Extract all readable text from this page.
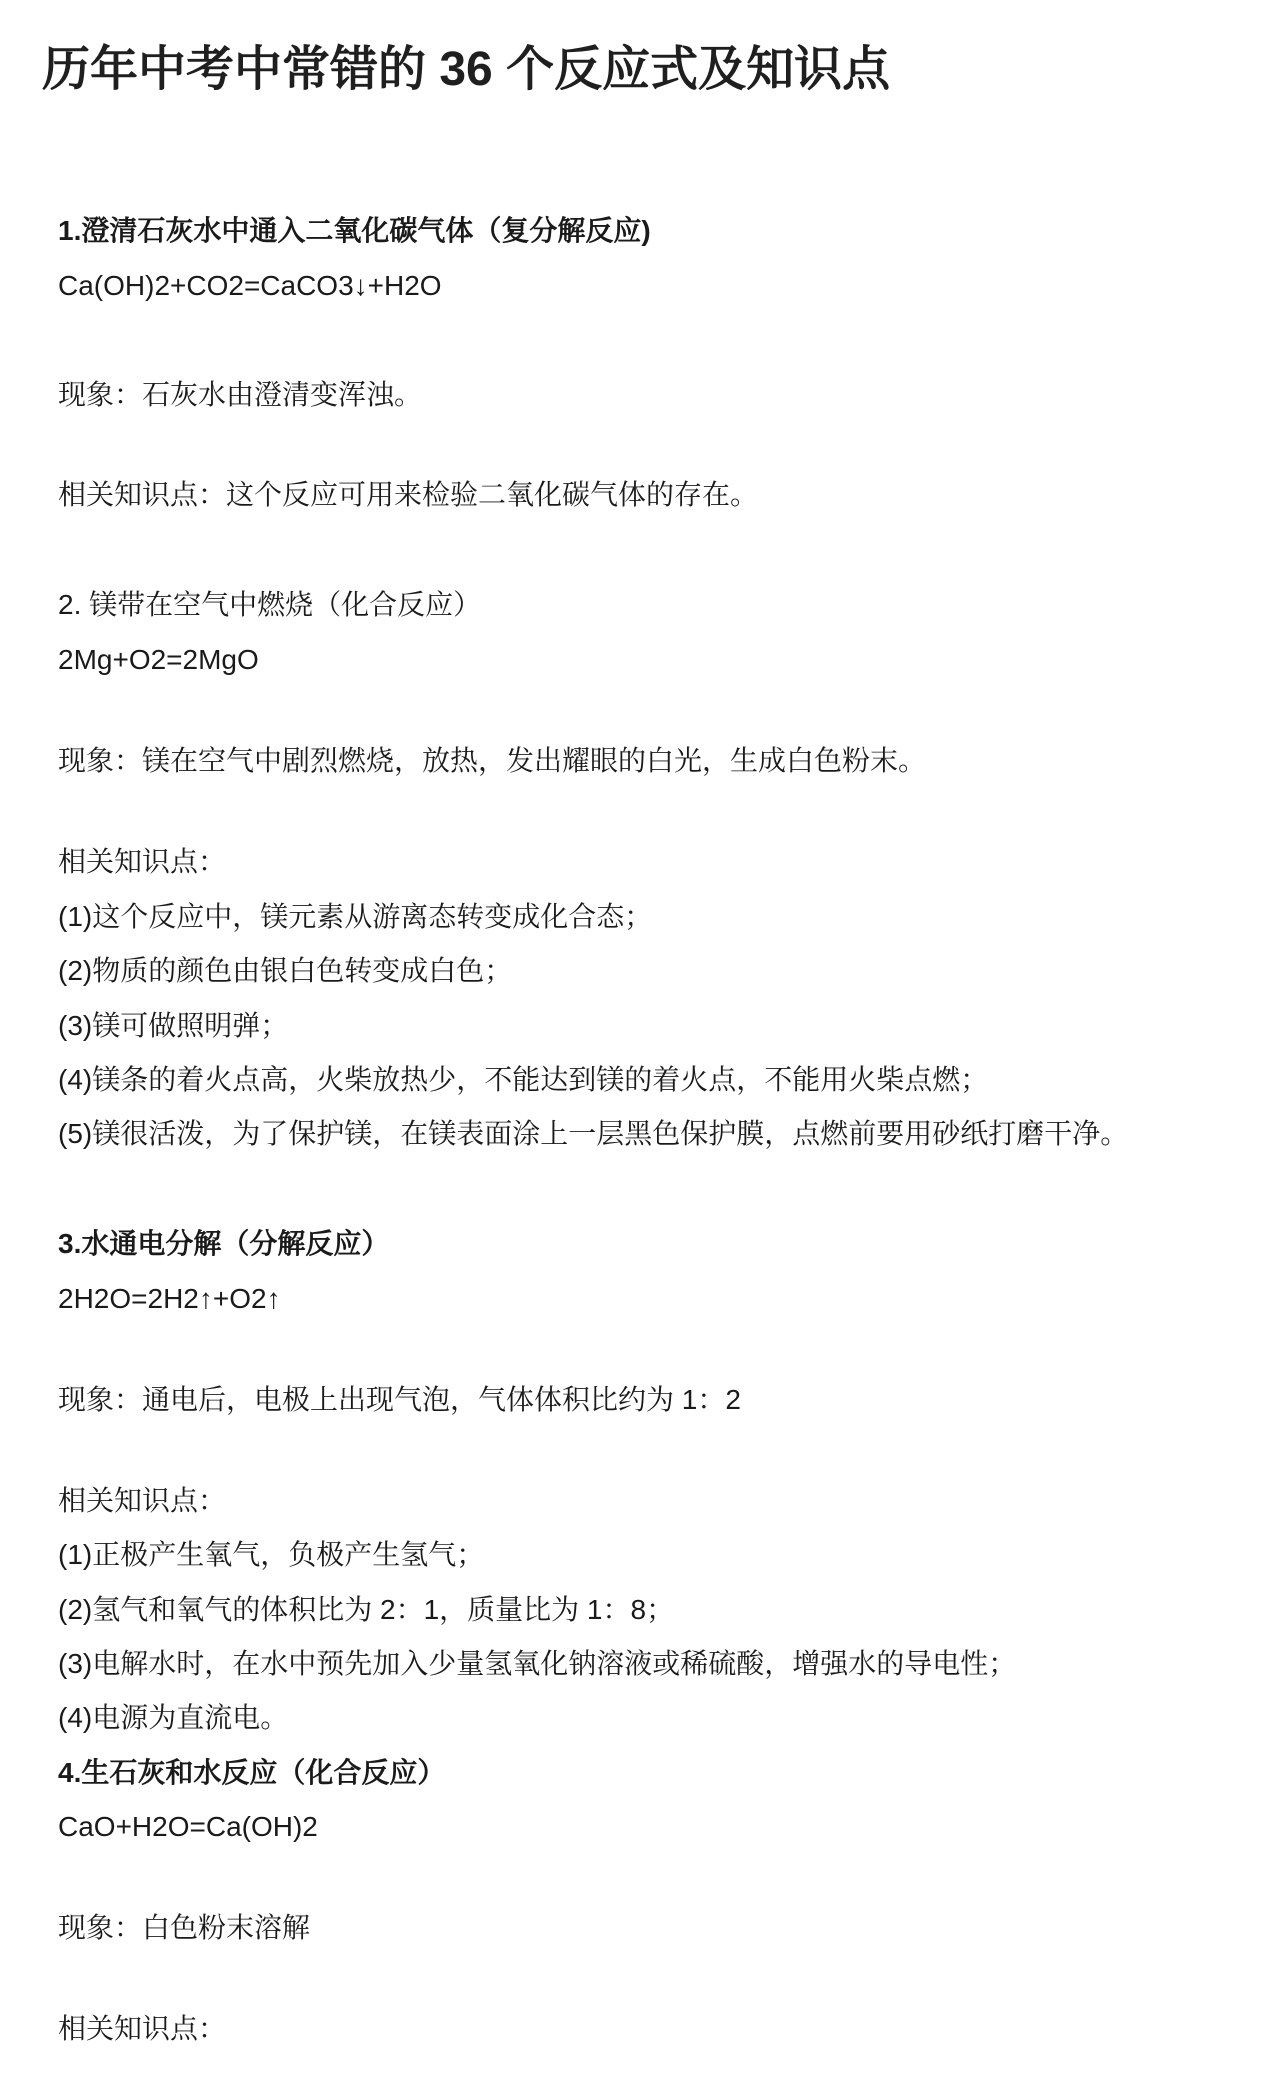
历年中考中常错的 36 个反应式及知识点

1.澄清石灰水中通入二氧化碳气体（复分解反应)

Ca(OH)2+CO2=CaCO3↓+H2O

现象：石灰水由澄清变浑浊。

相关知识点：这个反应可用来检验二氧化碳气体的存在。

2. 镁带在空气中燃烧（化合反应）

2Mg+O2=2MgO

现象：镁在空气中剧烈燃烧，放热，发出耀眼的白光，生成白色粉末。

相关知识点：

(1)这个反应中，镁元素从游离态转变成化合态；

(2)物质的颜色由银白色转变成白色；

(3)镁可做照明弹；

(4)镁条的着火点高，火柴放热少，不能达到镁的着火点，不能用火柴点燃；

(5)镁很活泼，为了保护镁，在镁表面涂上一层黑色保护膜，点燃前要用砂纸打磨干净。

3.水通电分解（分解反应）

2H2O=2H2↑+O2↑

现象：通电后，电极上出现气泡，气体体积比约为 1：2

相关知识点：

(1)正极产生氧气，负极产生氢气；

(2)氢气和氧气的体积比为 2：1，质量比为 1：8；

(3)电解水时，在水中预先加入少量氢氧化钠溶液或稀硫酸，增强水的导电性；

(4)电源为直流电。

4.生石灰和水反应（化合反应）

CaO+H2O=Ca(OH)2

现象：白色粉末溶解

相关知识点：
